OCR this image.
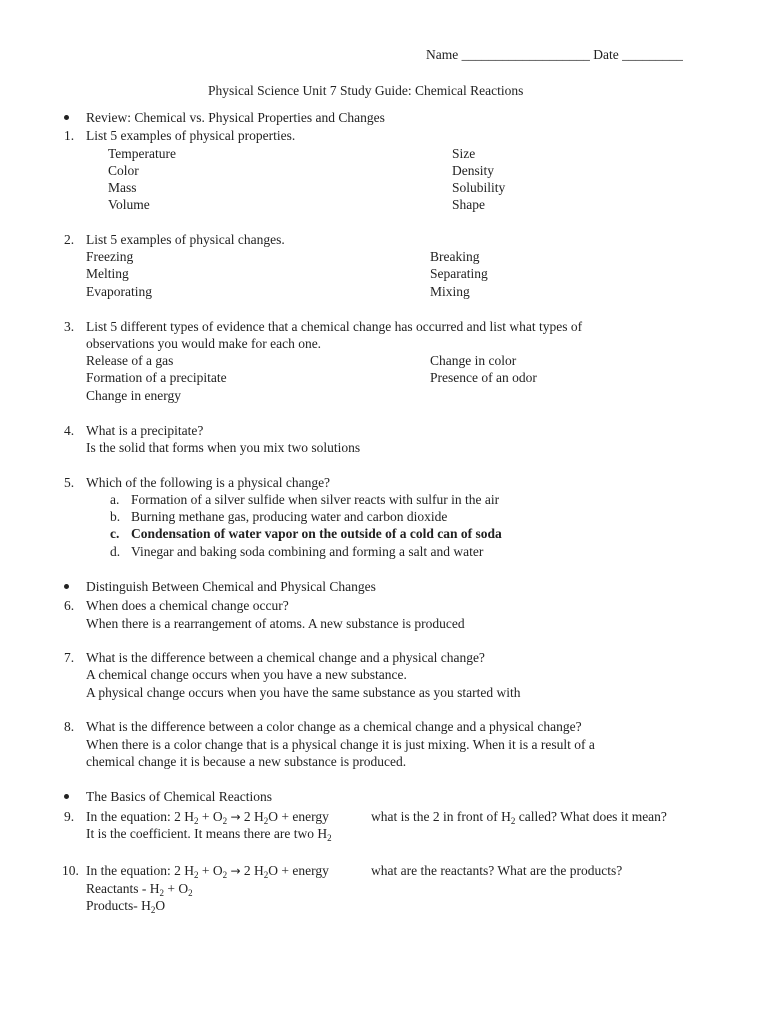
Name ___________________ Date _________
Physical Science Unit 7 Study Guide: Chemical Reactions
Review: Chemical vs. Physical Properties and Changes
1. List 5 examples of physical properties.
Temperature
Color
Mass
Volume
Size
Density
Solubility
Shape
2. List 5 examples of physical changes.
Freezing
Melting
Evaporating
Breaking
Separating
Mixing
3. List 5 different types of evidence that a chemical change has occurred and list what types of
observations you would make for each one.
Release of a gas
Formation of a precipitate
Change in energy
Change in color
Presence of an odor
4. What is a precipitate?
Is the solid that forms when you mix two solutions
5. Which of the following is a physical change?
a. Formation of a silver sulfide when silver reacts with sulfur in the air
b. Burning methane gas, producing water and carbon dioxide
c. Condensation of water vapor on the outside of a cold can of soda
d. Vinegar and baking soda combining and forming a salt and water
Distinguish Between Chemical and Physical Changes
6. When does a chemical change occur?
When there is a rearrangement of atoms. A new substance is produced
7. What is the difference between a chemical change and a physical change?
A chemical change occurs when you have a new substance.
A physical change occurs when you have the same substance as you started with
8. What is the difference between a color change as a chemical change and a physical change?
When there is a color change that is a physical change it is just mixing. When it is a result of a
chemical change it is because a new substance is produced.
The Basics of Chemical Reactions
9. In the equation: 2 $H_2 + O_2 \to 2$ $H_2O$ + energy	what is the 2 in front of $H_2$ called? What does it mean?
It is the coefficient. It means there are two $H_2$
10. In the equation: 2 $H_2 + O_2 \to 2$ $H_2O$ + energy	what are the reactants? What are the products?
Reactants - $H_2 + O_2$
Products- $H_2O$
